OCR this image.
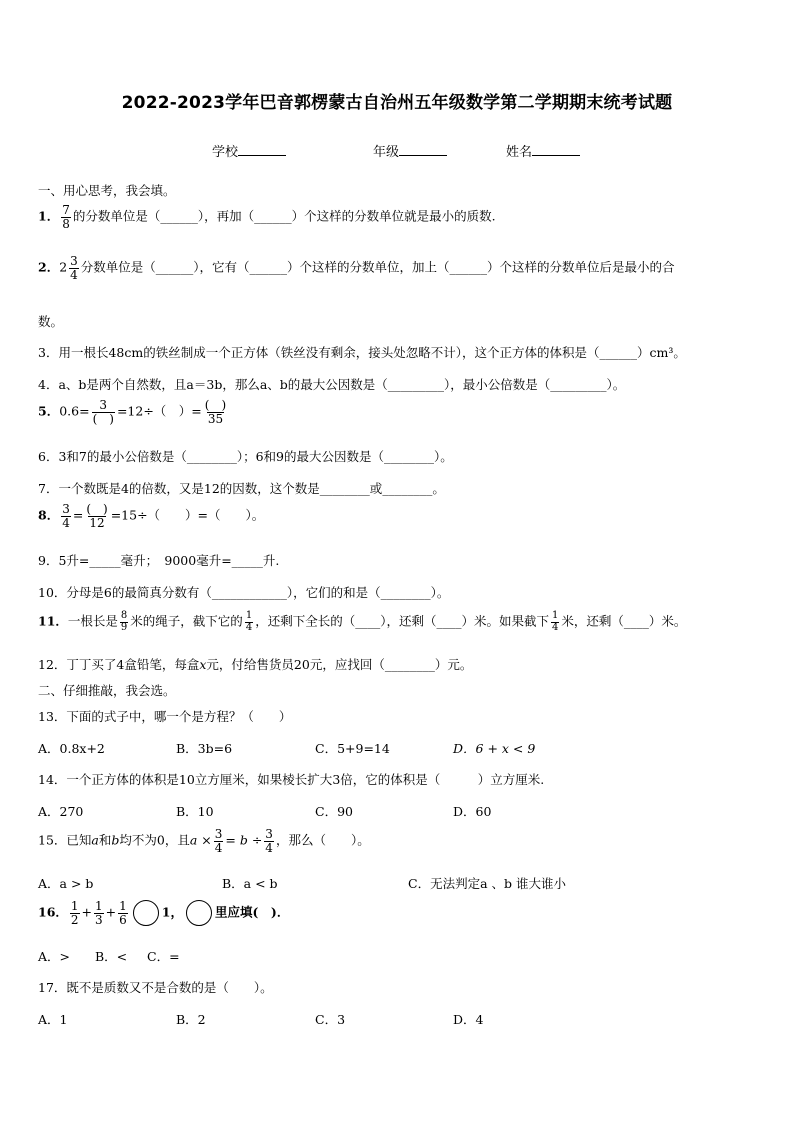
2022-2023学年巴音郭楞蒙古自治州五年级数学第二学期期末统考试题
学校	年级	姓名
一、用心思考，我会填。
1． $\frac{7}{8}$ 的分数单位是（______），再加（______）个这样的分数单位就是最小的质数.
2．$2 \frac{3}{4}$ 分数单位是（______），它有（______）个这样的分数单位，加上（______）个这样的分数单位后是最小的合
数。
3．用一根长48cm的铁丝制成一个正方体（铁丝没有剩余，接头处忽略不计），这个正方体的体积是（______）cm³。
4．a、b是两个自然数，且a＝3b，那么a、b的最大公因数是（_________），最小公倍数是（_________）。
5．$0.6= \frac{3}{( )} =12\div$（　）= $\frac{( )}{35}$
6．3和7的最小公倍数是（________）；6和9的最大公因数是（________）。
7．一个数既是4的倍数，又是12的因数，这个数是________或________。
8． $\frac{3}{4} = \frac{( )}{12} =15\div$（　　）=（　　）。
9．5升=_____毫升；　9000毫升=_____升.
10．分母是6的最简真分数有（____________），它们的和是（________）。
11．一根长是 $\frac{8}{9}$ 米的绳子，截下它的 $\frac{1}{4}$ ，还剩下全长的（____），还剩（____）米。如果截下 $\frac{1}{4}$ 米，还剩（____）米。
12．丁丁买了4盒铅笔，每盒x元，付给售货员20元，应找回（________）元。
二、仔细推敲，我会选。
13．下面的式子中，哪一个是方程？（　　）
A．0.8x+2	B．3b=6	C．5+9=14	D．6 + x < 9
14．一个正方体的体积是10立方厘米，如果棱长扩大3倍，它的体积是（　　　）立方厘米.
A．270	B．10	C．90	D．60
15．已知a和b均不为0，且$a \times \frac{3}{4} = b \div \frac{3}{4}$ ，那么（　　）。
A．a > b	B．a < b	C．无法判定a 、b 谁大谁小
16． $\frac{1}{2} + \frac{1}{3} + \frac{1}{6}$	1，	里应填(　)．
A．> B．< C．=
17．既不是质数又不是合数的是（　　）。
A．1	B．2	C．3	D．4
